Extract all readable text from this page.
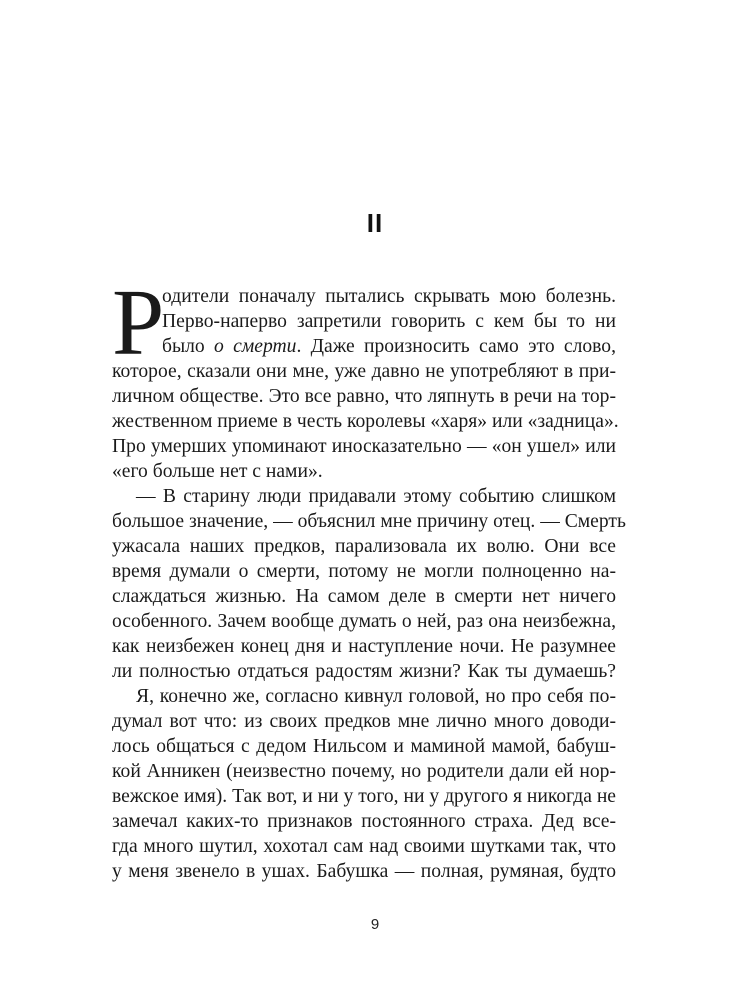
II
Р
одители поначалу пытались скрывать мою болезнь.
Перво-наперво запретили говорить с кем бы то ни
было о смерти. Даже произносить само это слово,
которое, сказали они мне, уже давно не употребляют в при-
личном обществе. Это все равно, что ляпнуть в речи на тор-
жественном приеме в честь королевы «харя» или «задница».
Про умерших упоминают иносказательно — «он ушел» или
«его больше нет с нами».
— В старину люди придавали этому событию слишком
большое значение, — объяснил мне причину отец. — Смерть
ужасала наших предков, парализовала их волю. Они все
время думали о смерти, потому не могли полноценно на-
слаждаться жизнью. На самом деле в смерти нет ничего
особенного. Зачем вообще думать о ней, раз она неизбежна,
как неизбежен конец дня и наступление ночи. Не разумнее
ли полностью отдаться радостям жизни? Как ты думаешь?
Я, конечно же, согласно кивнул головой, но про себя по-
думал вот что: из своих предков мне лично много доводи-
лось общаться с дедом Нильсом и маминой мамой, бабуш-
кой Анникен (неизвестно почему, но родители дали ей нор-
вежское имя). Так вот, и ни у того, ни у другого я никогда не
замечал каких-то признаков постоянного страха. Дед все-
гда много шутил, хохотал сам над своими шутками так, что
у меня звенело в ушах. Бабушка — полная, румяная, будто
9
